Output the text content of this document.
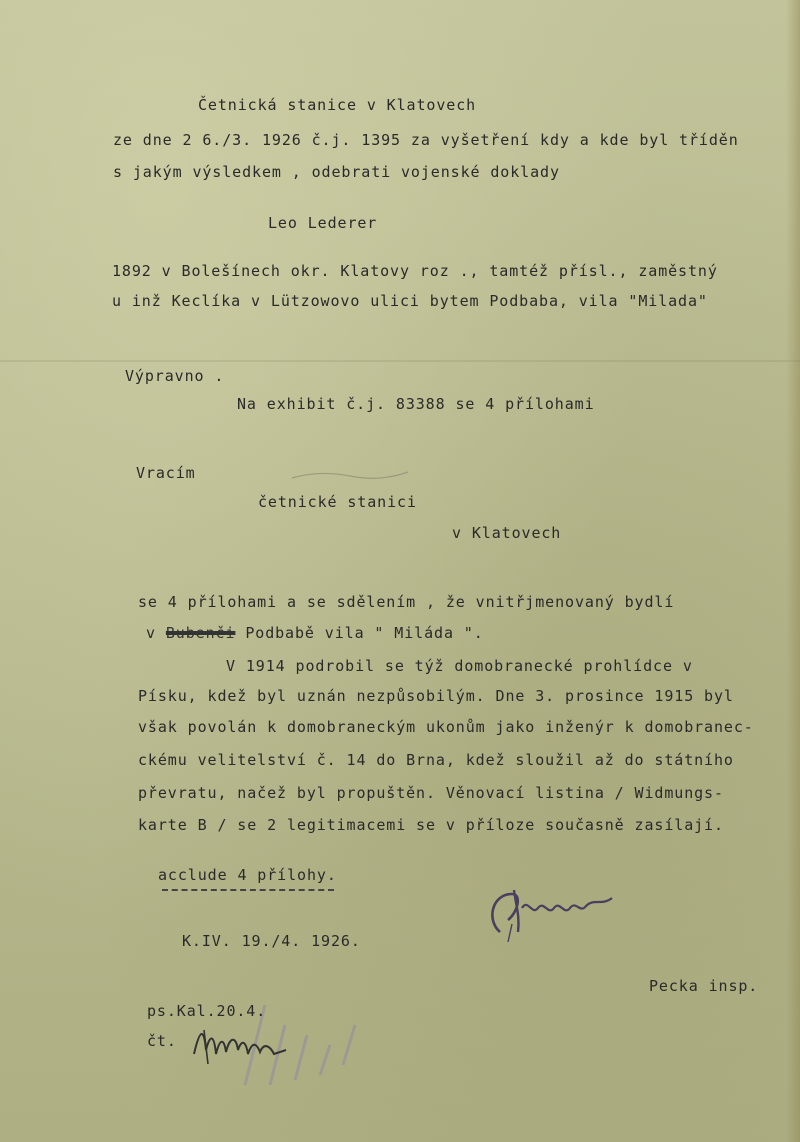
Četnická stanice v Klatovech
ze dne 2 6./3. 1926 č.j. 1395 za vyšetření kdy a kde byl tříděn
s jakým výsledkem , odebrati vojenské doklady
Leo Lederer
1892 v Bolešínech okr. Klatovy roz ., tamtéž přísl., zaměstný
u inž Keclíka v Lützowovo ulici bytem Podbaba, vila "Milada"
Výpravno .
Na exhibit č.j. 83388 se 4 přílohami
Vracím
četnické stanici
v Klatovech
se 4 přílohami a se sdělením , že vnitřjmenovaný bydlí
v Bubenči Podbabě vila " Miláda ".
V 1914 podrobil se týž domobranecké prohlídce v
Písku, kdež byl uznán nezpůsobilým. Dne 3. prosince 1915 byl
však povolán k domobraneckým ukonům jako inženýr k domobranec-
ckému velitelství č. 14 do Brna, kdež sloužil až do státního
převratu, načež byl propuštěn. Věnovací listina / Widmungs-
karte B / se 2 legitimacemi se v příloze současně zasílají.
acclude 4 přílohy.
K.IV. 19./4. 1926.
Pecka insp.
ps.Kal.20.4.
čt.
